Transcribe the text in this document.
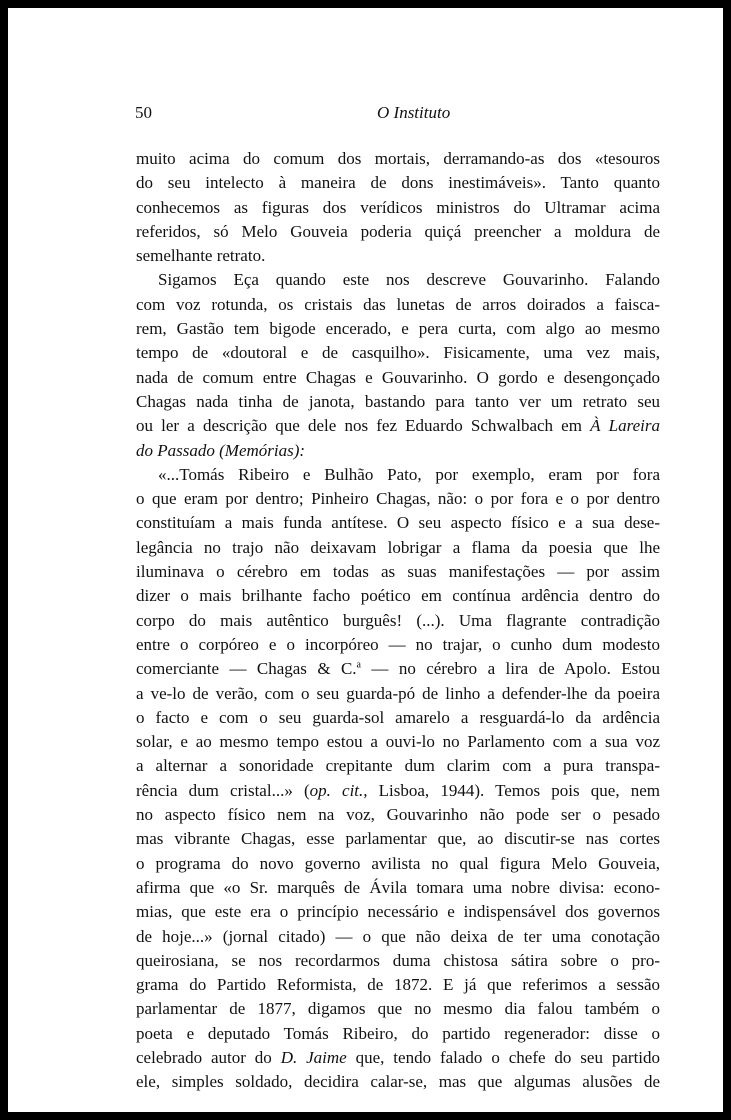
50	O Instituto
muito acima do comum dos mortais, derramando-as dos «tesouros
do seu intelecto à maneira de dons inestimáveis». Tanto quanto
conhecemos as figuras dos verídicos ministros do Ultramar acima
referidos, só Melo Gouveia poderia quiçá preencher a moldura de
semelhante retrato.
Sigamos Eça quando este nos descreve Gouvarinho. Falando
com voz rotunda, os cristais das lunetas de arros doirados a faisca-
rem, Gastão tem bigode encerado, e pera curta, com algo ao mesmo
tempo de «doutoral e de casquilho». Fisicamente, uma vez mais,
nada de comum entre Chagas e Gouvarinho. O gordo e desengonçado
Chagas nada tinha de janota, bastando para tanto ver um retrato seu
ou ler a descrição que dele nos fez Eduardo Schwalbach em À Lareira
do Passado (Memórias):
«...Tomás Ribeiro e Bulhão Pato, por exemplo, eram por fora
o que eram por dentro; Pinheiro Chagas, não: o por fora e o por dentro
constituíam a mais funda antítese. O seu aspecto físico e a sua dese-
legância no trajo não deixavam lobrigar a flama da poesia que lhe
iluminava o cérebro em todas as suas manifestações — por assim
dizer o mais brilhante facho poético em contínua ardência dentro do
corpo do mais autêntico burguês! (...). Uma flagrante contradição
entre o corpóreo e o incorpóreo — no trajar, o cunho dum modesto
comerciante — Chagas & C.$^a$ — no cérebro a lira de Apolo. Estou
a ve-lo de verão, com o seu guarda-pó de linho a defender-lhe da poeira
o facto e com o seu guarda-sol amarelo a resguardá-lo da ardência
solar, e ao mesmo tempo estou a ouvi-lo no Parlamento com a sua voz
a alternar a sonoridade crepitante dum clarim com a pura transpa-
rência dum cristal...» (op. cit., Lisboa, 1944). Temos pois que, nem
no aspecto físico nem na voz, Gouvarinho não pode ser o pesado
mas vibrante Chagas, esse parlamentar que, ao discutir-se nas cortes
o programa do novo governo avilista no qual figura Melo Gouveia,
afirma que «o Sr. marquês de Ávila tomara uma nobre divisa: econo-
mias, que este era o princípio necessário e indispensável dos governos
de hoje...» (jornal citado) — o que não deixa de ter uma conotação
queirosiana, se nos recordarmos duma chistosa sátira sobre o pro-
grama do Partido Reformista, de 1872. E já que referimos a sessão
parlamentar de 1877, digamos que no mesmo dia falou também o
poeta e deputado Tomás Ribeiro, do partido regenerador: disse o
celebrado autor do D. Jaime que, tendo falado o chefe do seu partido
ele, simples soldado, decidira calar-se, mas que algumas alusões de
